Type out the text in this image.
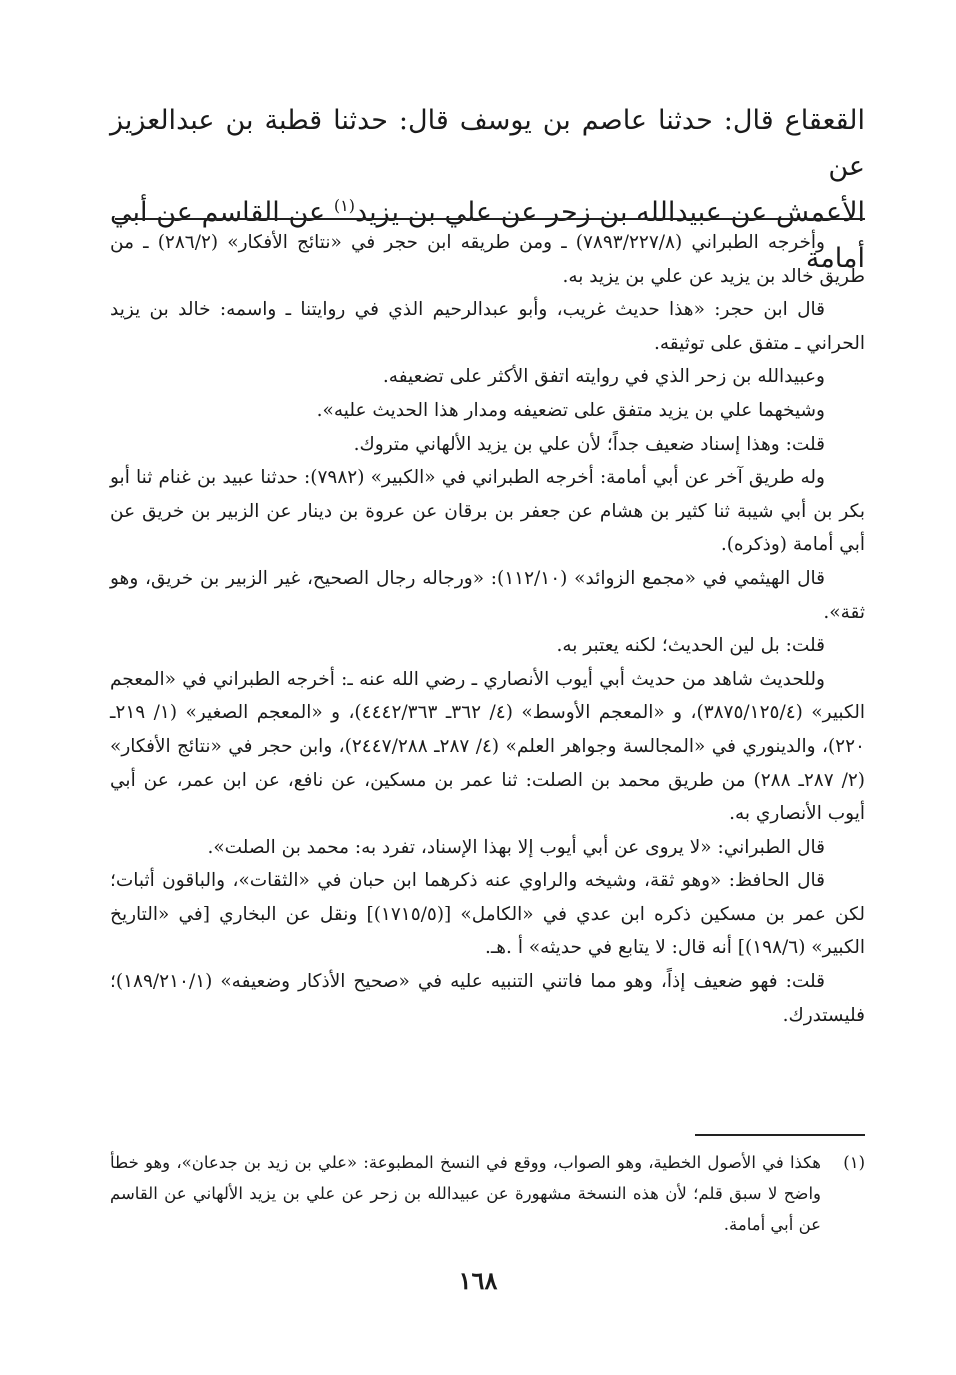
القعقاع قال: حدثنا عاصم بن يوسف قال: حدثنا قطبة بن عبدالعزيز عن

الأعمش عن عبيدالله بن زحر عن علي بن يزيد$^{(١)}$ عن القاسم عن أبي أمامة

وأخرجه الطبراني (٧٨٩٣/٢٢٧/٨) ـ ومن طريقه ابن حجر في «نتائج الأفكار» (٢٨٦/٢) ـ من طريق خالد بن يزيد عن علي بن يزيد به.

قال ابن حجر: «هذا حديث غريب، وأبو عبدالرحيم الذي في روايتنا ـ واسمه: خالد بن يزيد الحراني ـ متفق على توثيقه.

وعبيدالله بن زحر الذي في روايته اتفق الأكثر على تضعيفه.

وشيخهما علي بن يزيد متفق على تضعيفه ومدار هذا الحديث عليه».

قلت: وهذا إسناد ضعيف جداً؛ لأن علي بن يزيد الألهاني متروك.

وله طريق آخر عن أبي أمامة: أخرجه الطبراني في «الكبير» (٧٩٨٢): حدثنا عبيد بن غنام ثنا أبو بكر بن أبي شيبة ثنا كثير بن هشام عن جعفر بن برقان عن عروة بن دينار عن الزبير بن خريق عن أبي أمامة (وذكره).

قال الهيثمي في «مجمع الزوائد» (١١٢/١٠): «ورجاله رجال الصحيح، غير الزبير بن خريق، وهو ثقة».

قلت: بل لين الحديث؛ لكنه يعتبر به.

وللحديث شاهد من حديث أبي أيوب الأنصاري ـ رضي الله عنه ـ: أخرجه الطبراني في «المعجم الكبير» (٣٨٧٥/١٢٥/٤)، و «المعجم الأوسط» (٤/ ٣٦٢ـ ٤٤٤٢/٣٦٣)، و «المعجم الصغير» (١/ ٢١٩ـ ٢٢٠)، والدينوري في «المجالسة وجواهر العلم» (٤/ ٢٨٧ـ ٢٤٤٧/٢٨٨)، وابن حجر في «نتائج الأفكار» (٢/ ٢٨٧ـ ٢٨٨) من طريق محمد بن الصلت: ثنا عمر بن مسكين، عن نافع، عن ابن عمر، عن أبي أيوب الأنصاري به.

قال الطبراني: «لا يروى عن أبي أيوب إلا بهذا الإسناد، تفرد به: محمد بن الصلت».

قال الحافظ: «وهو ثقة، وشيخه والراوي عنه ذكرهما ابن حبان في «الثقات»، والباقون أثبات؛ لكن عمر بن مسكين ذكره ابن عدي في «الكامل» [(١٧١٥/٥)] ونقل عن البخاري [في «التاريخ الكبير» (١٩٨/٦)] أنه قال: لا يتابع في حديثه» أ .هـ.

قلت: فهو ضعيف إذاً، وهو مما فاتني التنبيه عليه في «صحيح الأذكار وضعيفه» (١٨٩/٢١٠/١)؛ فليستدرك.

(١)
هكذا في الأصول الخطية، وهو الصواب، ووقع في النسخ المطبوعة: «علي بن زيد بن جدعان»، وهو خطأ واضح لا سبق قلم؛ لأن هذه النسخة مشهورة عن عبيدالله بن زحر عن علي بن يزيد الألهاني عن القاسم عن أبي أمامة.
١٦٨
